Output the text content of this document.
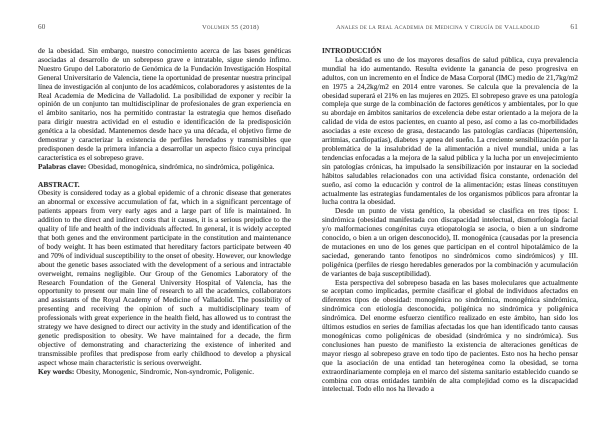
60	Volumen 55 (2018)

de la obesidad. Sin embargo, nuestro conocimiento acerca de las bases genéticas asociadas al desarrollo de un sobrepeso grave e intratable, sigue siendo ínfimo. Nuestro Grupo del Laboratorio de Genómica de la Fundación Investigación Hospital General Universitario de Valencia, tiene la oportunidad de presentar nuestra principal línea de investigación al conjunto de los académicos, colaboradores y asistentes de la Real Academia de Medicina de Valladolid. La posibilidad de exponer y recibir la opinión de un conjunto tan multidisciplinar de profesionales de gran experiencia en el ámbito sanitario, nos ha permitido contrastar la estrategia que hemos diseñado para dirigir nuestra actividad en el estudio e identificación de la predisposición genética a la obesidad. Mantenemos desde hace ya una década, el objetivo firme de demostrar y caracterizar la existencia de perfiles heredados y transmisibles que predisponen desde la primera infancia a desarrollar un aspecto físico cuya principal característica es el sobrepeso grave.

Palabras clave: Obesidad, monogénica, sindrómica, no sindrómica, poligénica.

ABSTRACT.

Obesity is considered today as a global epidemic of a chronic disease that generates an abnormal or excessive accumulation of fat, which in a significant percentage of patients appears from very early ages and a large part of life is maintained. In addition to the direct and indirect costs that it causes, it is a serious prejudice to the quality of life and health of the individuals affected. In general, it is widely accepted that both genes and the environment participate in the constitution and maintenance of body weight. It has been estimated that hereditary factors participate between 40 and 70% of individual susceptibility to the onset of obesity. However, our knowledge about the genetic bases associated with the development of a serious and intractable overweight, remains negligible. Our Group of the Genomics Laboratory of the Research Foundation of the General University Hospital of Valencia, has the opportunity to present our main line of research to all the academics, collaborators and assistants of the Royal Academy of Medicine of Valladolid. The possibility of presenting and receiving the opinion of such a multidisciplinary team of professionals with great experience in the health field, has allowed us to contrast the strategy we have designed to direct our activity in the study and identification of the genetic predisposition to obesity. We have maintained for a decade, the firm objective of demonstrating and characterizing the existence of inherited and transmissible profiles that predispose from early childhood to develop a physical aspect whose main characteristic is serious overweight.

Key words: Obesity, Monogenic, Sindromic, Non-syndromic, Poligenic.

Anales de la Real Academia de Medicina y Cirugía de Valladolid	61

INTRODUCCIÓN

La obesidad es uno de los mayores desafíos de salud pública, cuya prevalencia mundial ha ido aumentando. Resulta evidente la ganancia de peso progresiva en adultos, con un incremento en el Índice de Masa Corporal (IMC) medio de 21,7kg/m2 en 1975 a 24,2kg/m2 en 2014 entre varones. Se calcula que la prevalencia de la obesidad superará el 21% en las mujeres en 2025. El sobrepeso grave es una patología compleja que surge de la combinación de factores genéticos y ambientales, por lo que su abordaje en ámbitos sanitarios de excelencia debe estar orientado a la mejora de la calidad de vida de estos pacientes, en cuanto al peso, así como a las co-morbilidades asociadas a este exceso de grasa, destacando las patologías cardíacas (hipertensión, arritmias, cardiopatías), diabetes y apnea del sueño. La creciente sensibilización por la problemática de la insalubridad de la alimentación a nivel mundial, unida a las tendencias enfocadas a la mejora de la salud pública y la lucha por un envejecimiento sin patologías crónicas, ha impulsado la sensibilización por instaurar en la sociedad hábitos saludables relacionados con una actividad física constante, ordenación del sueño, así como la educación y control de la alimentación; estas líneas constituyen actualmente las estrategias fundamentales de los organismos públicos para afrontar la lucha contra la obesidad.

Desde un punto de vista genético, la obesidad se clasifica en tres tipos: I. sindrómica (obesidad manifestada con discapacidad intelectual, dismorfología facial y/o malformaciones congénitas cuya etiopatología se asocia, o bien a un síndrome conocido, o bien a un origen desconocido), II. monogénica (causadas por la presencia de mutaciones en uno de los genes que participan en el control hipotalámico de la saciedad, generando tanto fenotipos no sindrómicos como sindrómicos) y III. poligénica (perfiles de riesgo heredables generados por la combinación y acumulación de variantes de baja susceptibilidad).

Esta perspectiva del sobrepeso basada en las bases moleculares que actualmente se aceptan como implicadas, permite clasificar el global de individuos afectados en diferentes tipos de obesidad: monogénica no sindrómica, monogénica sindrómica, sindrómica con etiología desconocida, poligénica no sindrómica y poligénica sindrómica. Del enorme esfuerzo científico realizado en este ámbito, han sido los últimos estudios en series de familias afectadas los que han identificado tanto causas monogénicas como poligénicas de obesidad (sindrómica y no sindrómica). Sus conclusiones han puesto de manifiesto la existencia de alteraciones genéticas de mayor riesgo al sobrepeso grave en todo tipo de pacientes. Esto nos ha hecho pensar que la asociación de una entidad tan heterogénea como la obesidad, se torna extraordinariamente compleja en el marco del sistema sanitario establecido cuando se combina con otras entidades también de alta complejidad como es la discapacidad intelectual. Todo ello nos ha llevado a
